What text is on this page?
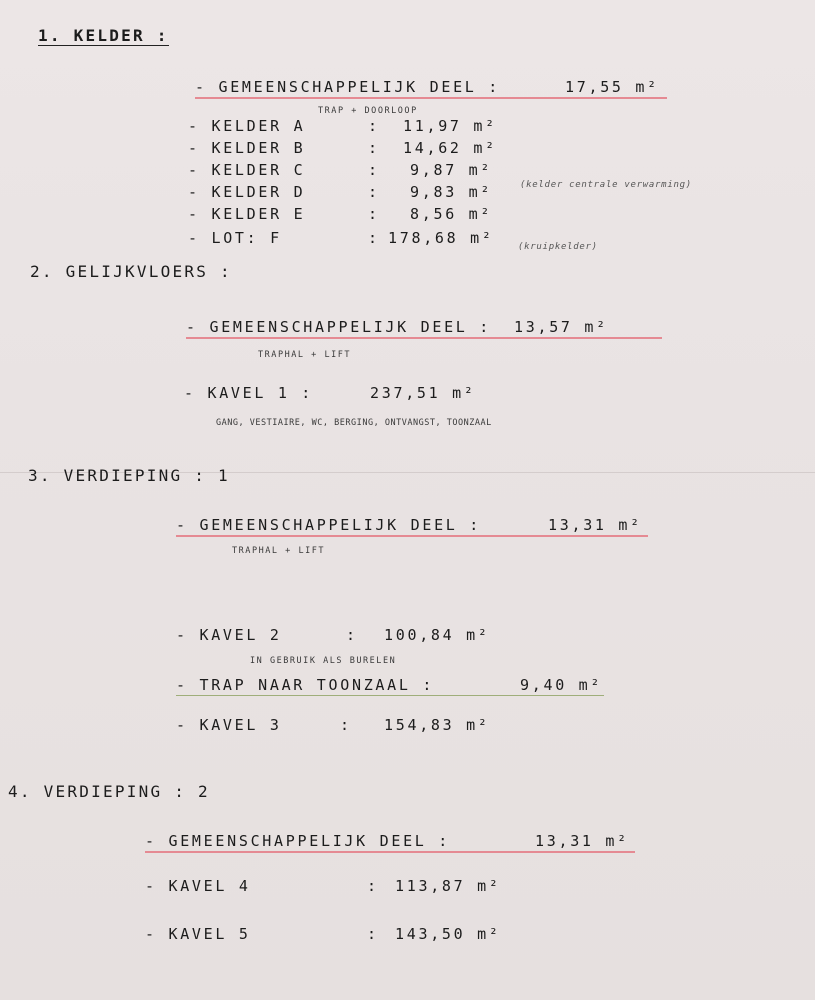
1. KELDER :
- GEMEENSCHAPPELIJK DEEL :	17,55 m²
TRAP + DOORLOOP
- KELDER A	: 11,97 m²
- KELDER B	: 14,62 m²
- KELDER C	: 9,87 m²
- KELDER D	: 9,83 m²
- KELDER E	: 8,56 m²
- LOT: F	: 178,68 m²
(kelder centrale verwarming)
(kruipkelder)
2. GELIJKVLOERS :
- GEMEENSCHAPPELIJK DEEL : 13,57 m²
TRAPHAL + LIFT
- KAVEL 1 :	237,51 m²
GANG, VESTIAIRE, WC, BERGING, ONTVANGST, TOONZAAL
3. VERDIEPING : 1
- GEMEENSCHAPPELIJK DEEL :	13,31 m²
TRAPHAL + LIFT
- KAVEL 2	: 100,84 m²
IN GEBRUIK ALS BURELEN
- TRAP NAAR TOONZAAL :	9,40 m²
- KAVEL 3	: 154,83 m²
4. VERDIEPING : 2
- GEMEENSCHAPPELIJK DEEL :	13,31 m²
- KAVEL 4	: 113,87 m²
- KAVEL 5	: 143,50 m²
